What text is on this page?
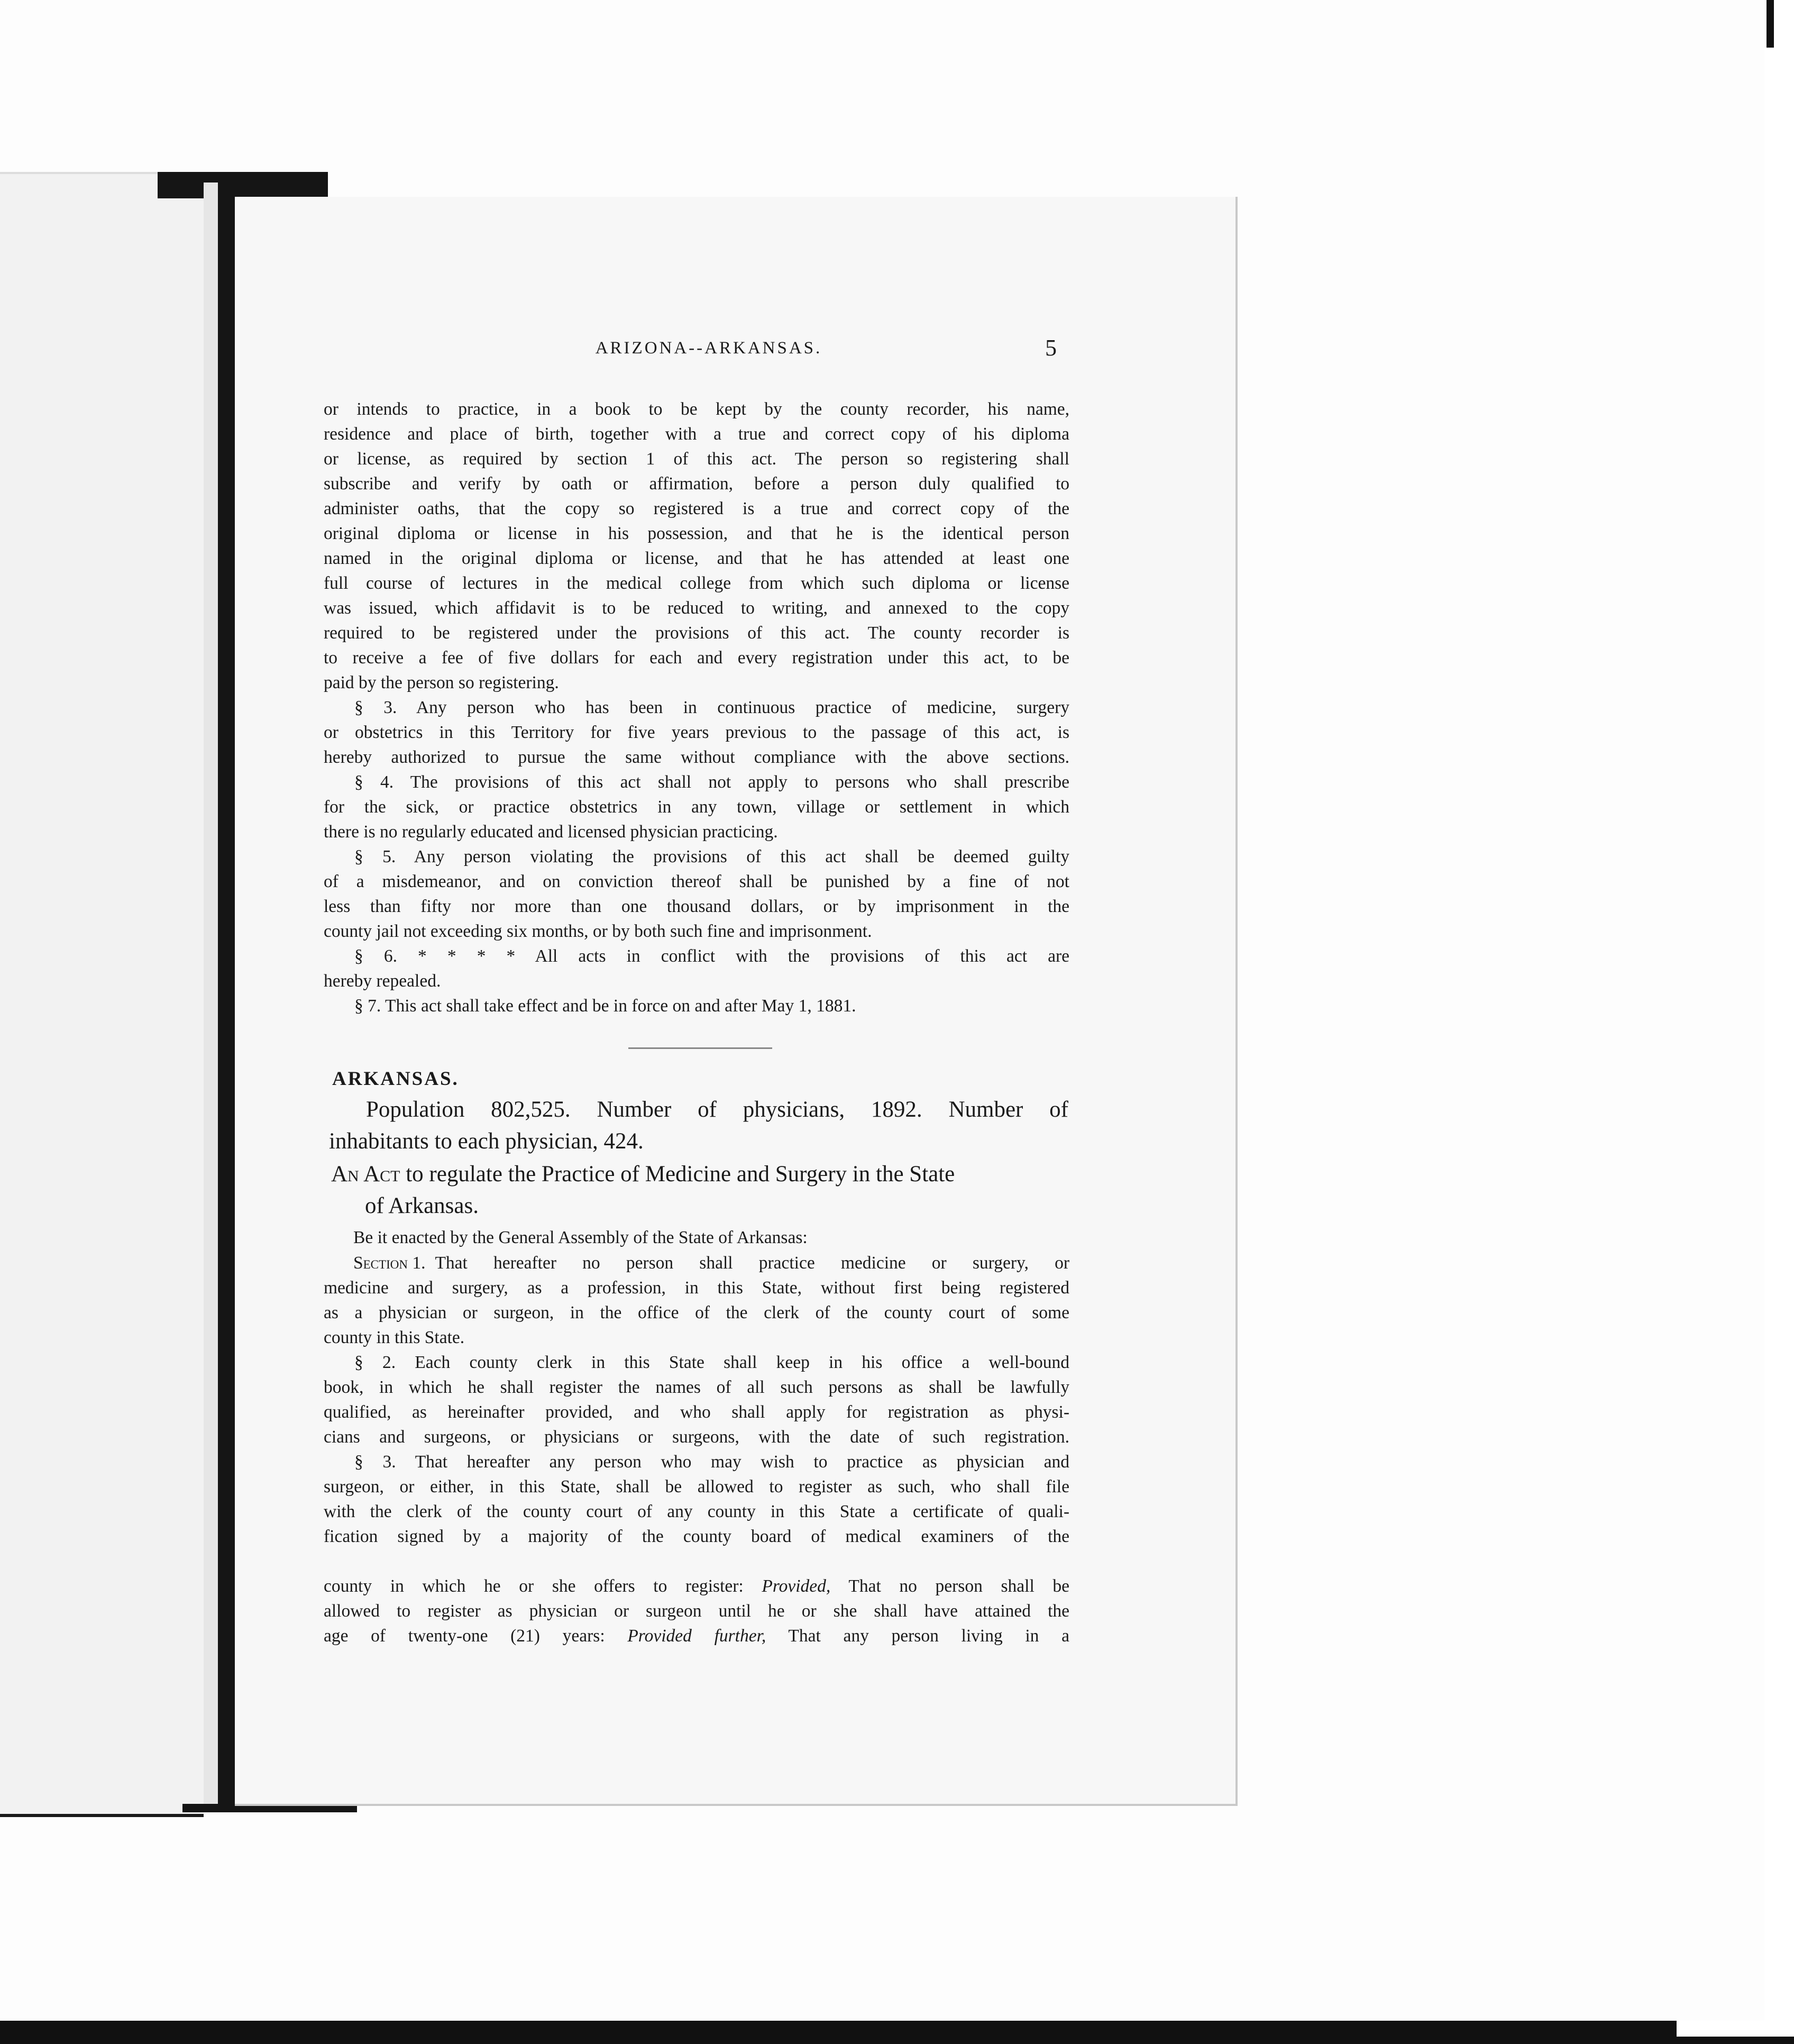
ARIZONA--ARKANSAS.	5
or intends to practice, in a book to be kept by the county recorder, his name,
residence and place of birth, together with a true and correct copy of his diploma
or license, as required by section 1 of this act. The person so registering shall
subscribe and verify by oath or affirmation, before a person duly qualified to
administer oaths, that the copy so registered is a true and correct copy of the
original diploma or license in his possession, and that he is the identical person
named in the original diploma or license, and that he has attended at least one
full course of lectures in the medical college from which such diploma or license
was issued, which affidavit is to be reduced to writing, and annexed to the copy
required to be registered under the provisions of this act. The county recorder is
to receive a fee of five dollars for each and every registration under this act, to be
paid by the person so registering.
§ 3. Any person who has been in continuous practice of medicine, surgery
or obstetrics in this Territory for five years previous to the passage of this act, is
hereby authorized to pursue the same without compliance with the above sections.
§ 4. The provisions of this act shall not apply to persons who shall prescribe
for the sick, or practice obstetrics in any town, village or settlement in which
there is no regularly educated and licensed physician practicing.
§ 5. Any person violating the provisions of this act shall be deemed guilty
of a misdemeanor, and on conviction thereof shall be punished by a fine of not
less than fifty nor more than one thousand dollars, or by imprisonment in the
county jail not exceeding six months, or by both such fine and imprisonment.
§ 6. * * * * All acts in conflict with the provisions of this act are
hereby repealed.
§ 7. This act shall take effect and be in force on and after May 1, 1881.
ARKANSAS.
Population 802,525. Number of physicians, 1892. Number of
inhabitants to each physician, 424.
An Act to regulate the Practice of Medicine and Surgery in the State
of Arkansas.
Be it enacted by the General Assembly of the State of Arkansas:
Section 1. That hereafter no person shall practice medicine or surgery, or
medicine and surgery, as a profession, in this State, without first being registered
as a physician or surgeon, in the office of the clerk of the county court of some
county in this State.
§ 2. Each county clerk in this State shall keep in his office a well-bound
book, in which he shall register the names of all such persons as shall be lawfully
qualified, as hereinafter provided, and who shall apply for registration as physi-
cians and surgeons, or physicians or surgeons, with the date of such registration.
§ 3. That hereafter any person who may wish to practice as physician and
surgeon, or either, in this State, shall be allowed to register as such, who shall file
with the clerk of the county court of any county in this State a certificate of quali-
fication signed by a majority of the county board of medical examiners of the
county in which he or she offers to register: Provided, That no person shall be
allowed to register as physician or surgeon until he or she shall have attained the
age of twenty-one (21) years: Provided further, That any person living in a
